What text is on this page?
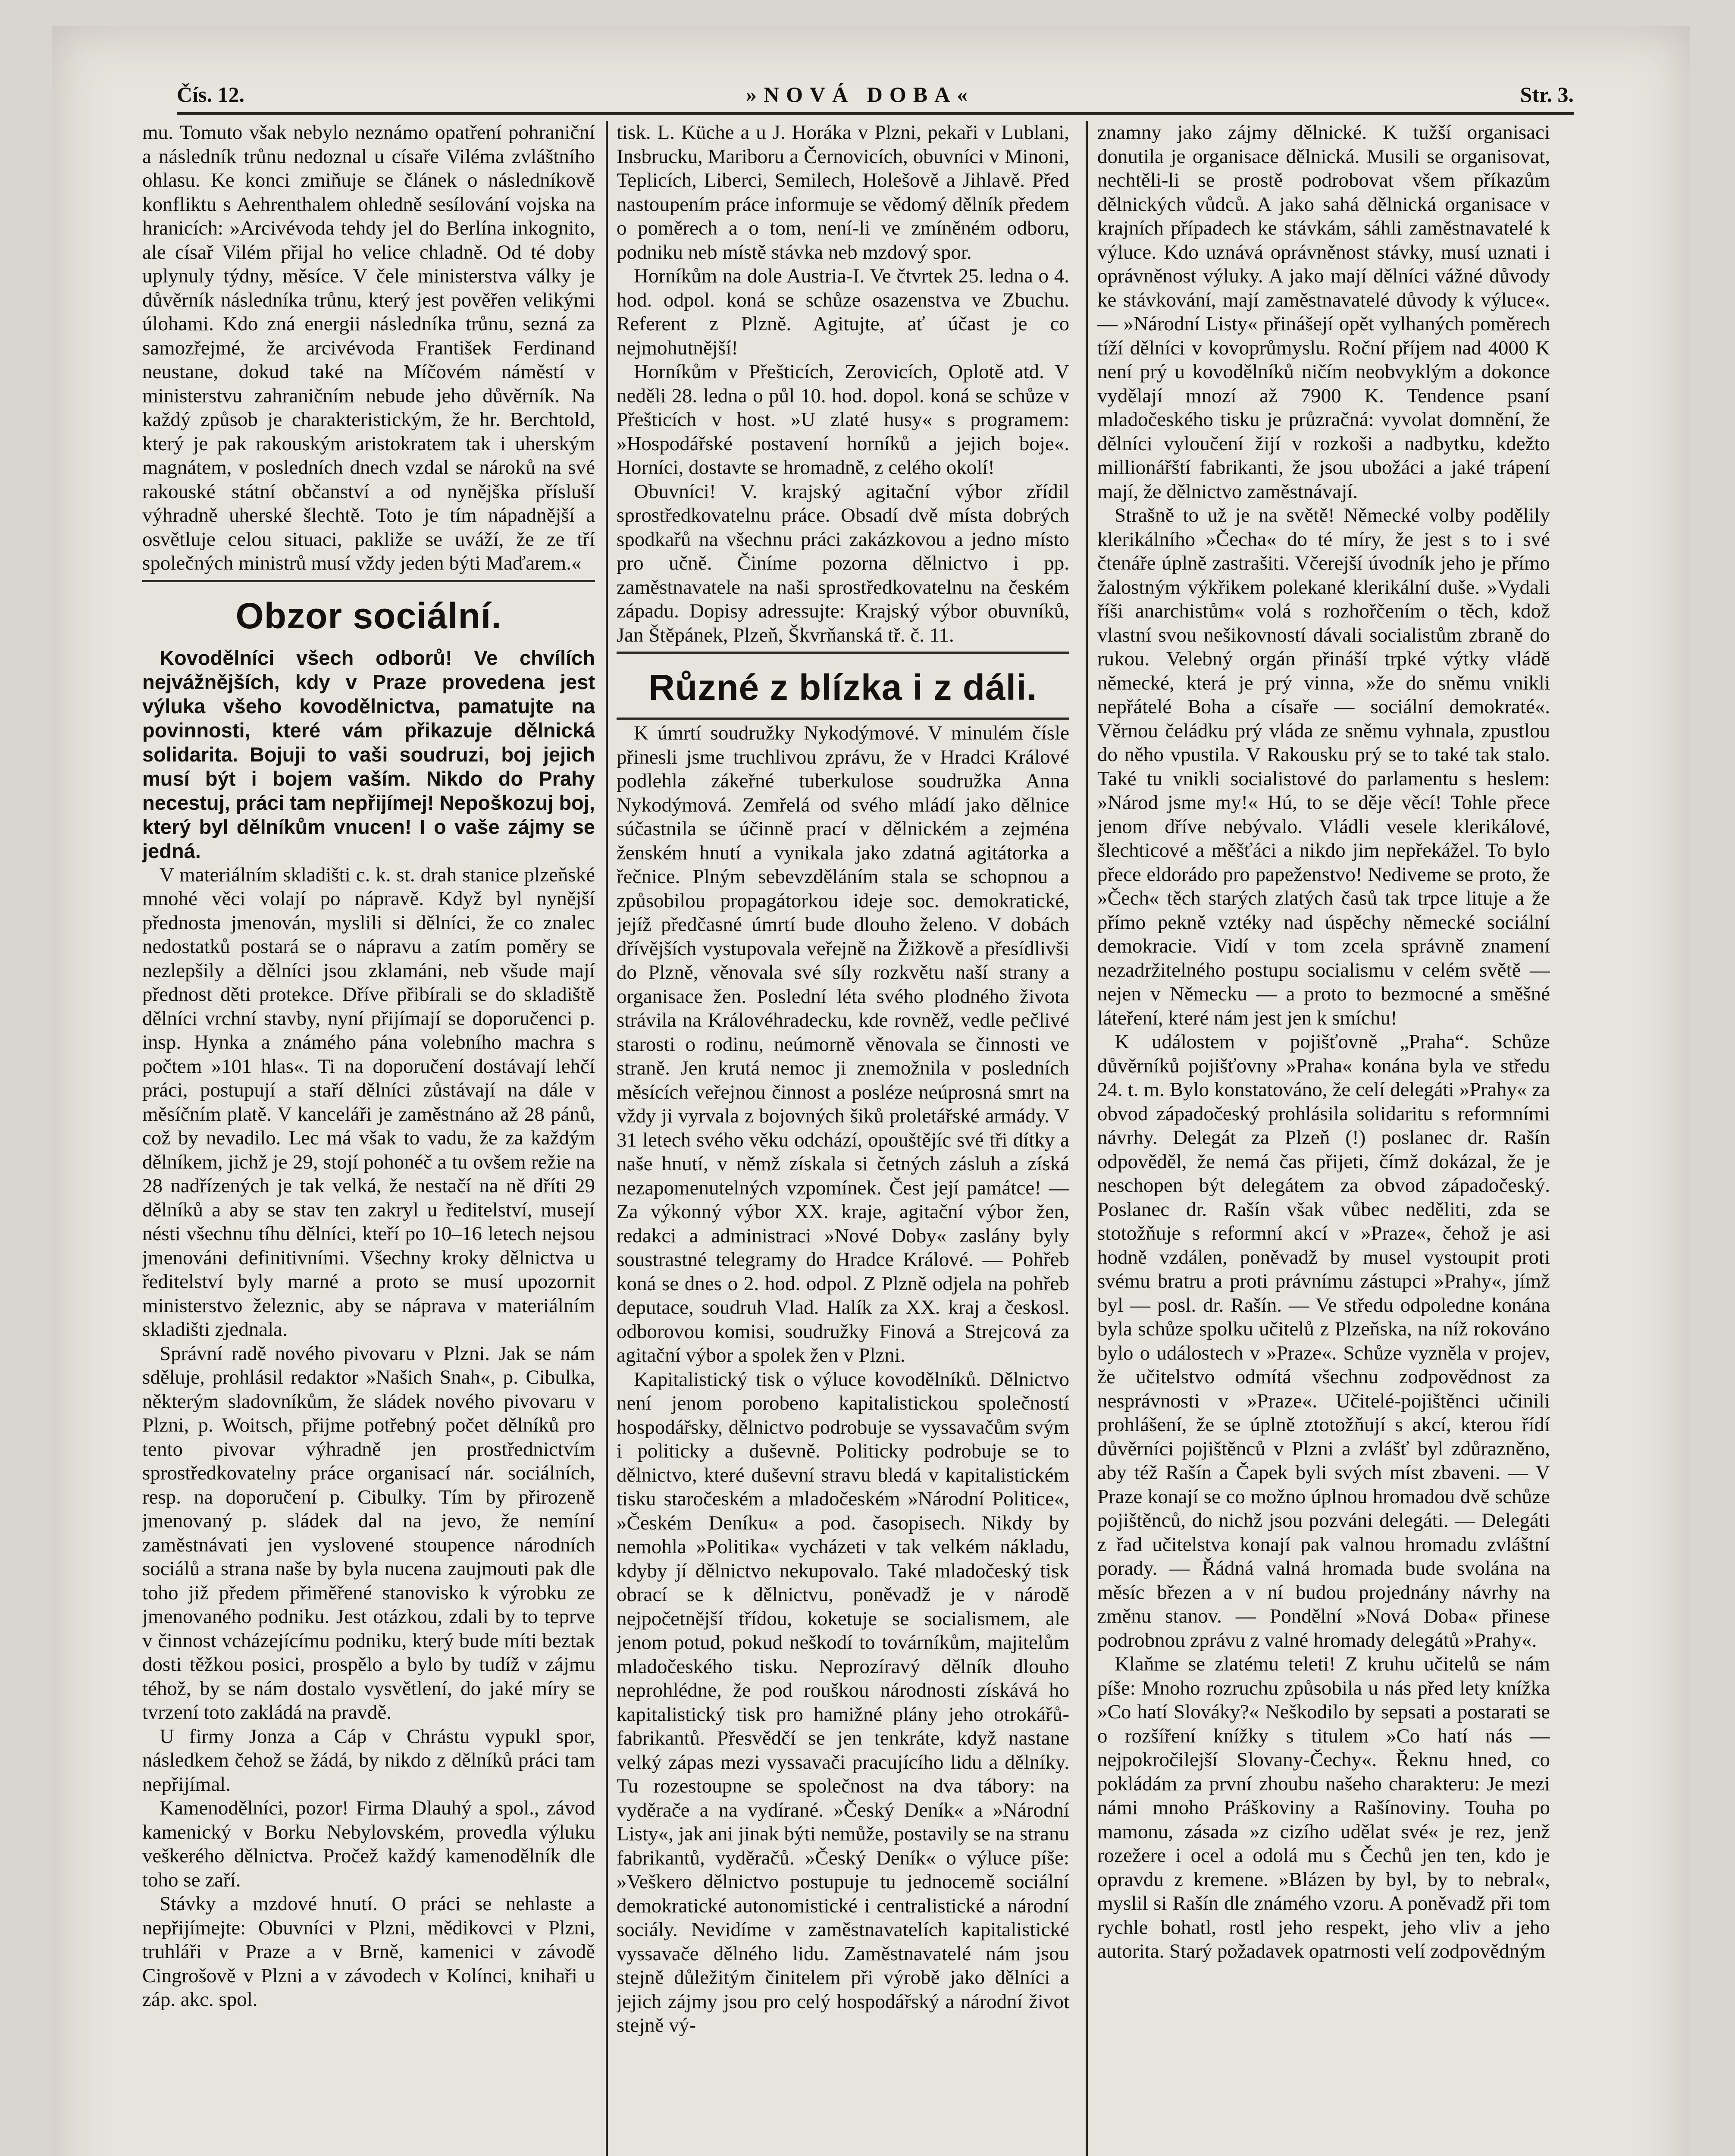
Čís. 12.	»NOVÁ DOBA«	Str. 3.

mu. Tomuto však nebylo neznámo opatření pohraniční a následník trůnu nedoznal u císaře Viléma zvláštního ohlasu. Ke konci zmiňuje se článek o následníkově konfliktu s Aehrenthalem ohledně sesílování vojska na hranicích: »Arcivévoda tehdy jel do Berlína inkognito, ale císař Vilém přijal ho velice chladně. Od té doby uplynuly týdny, měsíce. V čele ministerstva války je důvěrník následníka trůnu, který jest pověřen velikými úlohami. Kdo zná energii následníka trůnu, sezná za samozřejmé, že arcivévoda František Ferdinand neustane, dokud také na Míčovém náměstí v ministerstvu zahraničním nebude jeho důvěrník. Na každý způsob je charakteristickým, že hr. Berchtold, který je pak rakouským aristokratem tak i uherským magnátem, v posledních dnech vzdal se nároků na své rakouské státní občanství a od nynějška přísluší výhradně uherské šlechtě. Toto je tím nápadnější a osvětluje celou situaci, pakliže se uváží, že ze tří společných ministrů musí vždy jeden býti Maďarem.«

Obzor sociální.

Kovodělníci všech odborů! Ve chvílích nejvážnějších, kdy v Praze provedena jest výluka všeho kovodělnictva, pamatujte na povinnosti, které vám přikazuje dělnická solidarita. Bojuji to vaši soudruzi, boj jejich musí být i bojem vaším. Nikdo do Prahy necestuj, práci tam nepřijímej! Nepoškozuj boj, který byl dělníkům vnucen! I o vaše zájmy se jedná.

V materiálním skladišti c. k. st. drah stanice plzeňské mnohé věci volají po nápravě. Když byl nynější přednosta jmenován, myslili si dělníci, že co znalec nedostatků postará se o nápravu a zatím poměry se nezlepšily a dělníci jsou zklamáni, neb všude mají přednost děti protekce. Dříve přibírali se do skladiště dělníci vrchní stavby, nyní přijímají se doporučenci p. insp. Hynka a známého pána volebního machra s počtem »101 hlas«. Ti na doporučení dostávají lehčí práci, postupují a staří dělníci zůstávají na dále v měsíčním platě. V kanceláři je zaměstnáno až 28 pánů, což by nevadilo. Lec má však to vadu, že za každým dělníkem, jichž je 29, stojí pohonéč a tu ovšem režie na 28 nadřízených je tak velká, že nestačí na ně dříti 29 dělníků a aby se stav ten zakryl u ředitelství, musejí nésti všechnu tíhu dělníci, kteří po 10–16 letech nejsou jmenováni definitivními. Všechny kroky dělnictva u ředitelství byly marné a proto se musí upozornit ministerstvo železnic, aby se náprava v materiálním skladišti zjednala.

Správní radě nového pivovaru v Plzni. Jak se nám sděluje, prohlásil redaktor »Našich Snah«, p. Cibulka, některým sladovníkům, že sládek nového pivovaru v Plzni, p. Woitsch, přijme potřebný počet dělníků pro tento pivovar výhradně jen prostřednictvím sprostředkovatelny práce organisací nár. sociálních, resp. na doporučení p. Cibulky. Tím by přirozeně jmenovaný p. sládek dal na jevo, že nemíní zaměstnávati jen vyslovené stoupence národních sociálů a strana naše by byla nucena zaujmouti pak dle toho již předem přiměřené stanovisko k výrobku ze jmenovaného podniku. Jest otázkou, zdali by to teprve v činnost vcházejícímu podniku, který bude míti beztak dosti těžkou posici, prospělo a bylo by tudíž v zájmu téhož, by se nám dostalo vysvětlení, do jaké míry se tvrzení toto zakládá na pravdě.

U firmy Jonza a Cáp v Chrástu vypukl spor, následkem čehož se žádá, by nikdo z dělníků práci tam nepřijímal.

Kamenodělníci, pozor! Firma Dlauhý a spol., závod kamenický v Borku Nebylovském, provedla výluku veškerého dělnictva. Pročež každý kamenodělník dle toho se zaří.

Stávky a mzdové hnutí. O práci se nehlaste a nepřijímejte: Obuvníci v Plzni, mědikovci v Plzni, truhláři v Praze a v Brně, kamenici v závodě Cingrošově v Plzni a v závodech v Kolínci, knihaři u záp. akc. spol.

tisk. L. Küche a u J. Horáka v Plzni, pekaři v Lublani, Insbrucku, Mariboru a Černovicích, obuvníci v Minoni, Teplicích, Liberci, Semilech, Holešově a Jihlavě. Před nastoupením práce informuje se vědomý dělník předem o poměrech a o tom, není-li ve zmíněném odboru, podniku neb místě stávka neb mzdový spor.

Horníkům na dole Austria-I. Ve čtvrtek 25. ledna o 4. hod. odpol. koná se schůze osazenstva ve Zbuchu. Referent z Plzně. Agitujte, ať účast je co nejmohutnější!

Horníkům v Přešticích, Zerovicích, Oplotě atd. V neděli 28. ledna o půl 10. hod. dopol. koná se schůze v Přešticích v host. »U zlaté husy« s programem: »Hospodářské postavení horníků a jejich boje«. Horníci, dostavte se hromadně, z celého okolí!

Obuvníci! V. krajský agitační výbor zřídil sprostředkovatelnu práce. Obsadí dvě místa dobrých spodkařů na všechnu práci zakázkovou a jedno místo pro učně. Činíme pozorna dělnictvo i pp. zaměstnavatele na naši sprostředkovatelnu na českém západu. Dopisy adressujte: Krajský výbor obuvníků, Jan Štěpánek, Plzeň, Škvrňanská tř. č. 11.

Různé z blízka i z dáli.

K úmrtí soudružky Nykodýmové. V minulém čísle přinesli jsme truchlivou zprávu, že v Hradci Králové podlehla zákeřné tuberkulose soudružka Anna Nykodýmová. Zemřelá od svého mládí jako dělnice súčastnila se účinně prací v dělnickém a zejména ženském hnutí a vynikala jako zdatná agitátorka a řečnice. Plným sebevzděláním stala se schopnou a způsobilou propagátorkou ideje soc. demokratické, jejíž předčasné úmrtí bude dlouho želeno. V dobách dřívějších vystupovala veřejně na Žižkově a přesídlivši do Plzně, věnovala své síly rozkvětu naší strany a organisace žen. Poslední léta svého plodného života strávila na Královéhradecku, kde rovněž, vedle pečlivé starosti o rodinu, neúmorně věnovala se činnosti ve straně. Jen krutá nemoc ji znemožnila v posledních měsících veřejnou činnost a posléze neúprosná smrt na vždy ji vyrvala z bojovných šiků proletářské armády. V 31 letech svého věku odchází, opouštějíc své tři dítky a naše hnutí, v němž získala si četných zásluh a získá nezapomenutelných vzpomínek. Čest její památce! — Za výkonný výbor XX. kraje, agitační výbor žen, redakci a administraci »Nové Doby« zaslány byly soustrastné telegramy do Hradce Králové. — Pohřeb koná se dnes o 2. hod. odpol. Z Plzně odjela na pohřeb deputace, soudruh Vlad. Halík za XX. kraj a českosl. odborovou komisi, soudružky Finová a Strejcová za agitační výbor a spolek žen v Plzni.

Kapitalistický tisk o výluce kovodělníků. Dělnictvo není jenom porobeno kapitalistickou společností hospodářsky, dělnictvo podrobuje se vyssavačům svým i politicky a duševně. Politicky podrobuje se to dělnictvo, které duševní stravu bledá v kapitalistickém tisku staročeském a mladočeském »Národní Politice«, »Českém Deníku« a pod. časopisech. Nikdy by nemohla »Politika« vycházeti v tak velkém nákladu, kdyby jí dělnictvo nekupovalo. Také mladočeský tisk obrací se k dělnictvu, poněvadž je v národě nejpočetnější třídou, koketuje se socialismem, ale jenom potud, pokud neškodí to továrníkům, majitelům mladočeského tisku. Neprozíravý dělník dlouho neprohlédne, že pod rouškou národnosti získává ho kapitalistický tisk pro hamižné plány jeho otrokářů-fabrikantů. Přesvědčí se jen tenkráte, když nastane velký zápas mezi vyssavači pracujícího lidu a dělníky. Tu rozestoupne se společnost na dva tábory: na vyděrače a na vydírané. »Český Deník« a »Národní Listy«, jak ani jinak býti nemůže, postavily se na stranu fabrikantů, vyděračů. »Český Deník« o výluce píše: »Veškero dělnictvo postupuje tu jednocemě sociální demokratické autonomistické i centralistické a národní sociály. Nevidíme v zaměstnavatelích kapitalistické vyssavače dělného lidu. Zaměstnavatelé nám jsou stejně důležitým činitelem při výrobě jako dělníci a jejich zájmy jsou pro celý hospodářský a národní život stejně vý-

znamny jako zájmy dělnické. K tužší organisaci donutila je organisace dělnická. Musili se organisovat, nechtěli-li se prostě podrobovat všem příkazům dělnických vůdců. A jako sahá dělnická organisace v krajních případech ke stávkám, sáhli zaměstnavatelé k výluce. Kdo uznává oprávněnost stávky, musí uznati i oprávněnost výluky. A jako mají dělníci vážné důvody ke stávkování, mají zaměstnavatelé důvody k výluce«. — »Národní Listy« přinášejí opět vylhaných poměrech tíží dělníci v kovoprůmyslu. Roční příjem nad 4000 K není prý u kovodělníků ničím neobvyklým a dokonce vydělají mnozí až 7900 K. Tendence psaní mladočeského tisku je průzračná: vyvolat domnění, že dělníci vyloučení žijí v rozkoši a nadbytku, kdežto millionářští fabrikanti, že jsou ubožáci a jaké trápení mají, že dělnictvo zaměstnávají.

Strašně to už je na světě! Německé volby podělily klerikálního »Čecha« do té míry, že jest s to i své čtenáře úplně zastrašiti. Včerejší úvodník jeho je přímo žalostným výkřikem polekané klerikální duše. »Vydali říši anarchistům« volá s rozhořčením o těch, kdož vlastní svou nešikovností dávali socialistům zbraně do rukou. Velebný orgán přináší trpké výtky vládě německé, která je prý vinna, »že do sněmu vnikli nepřátelé Boha a císaře — sociální demokraté«. Věrnou čeládku prý vláda ze sněmu vyhnala, zpustlou do něho vpustila. V Rakousku prý se to také tak stalo. Také tu vnikli socialistové do parlamentu s heslem: »Národ jsme my!« Hú, to se děje věcí! Tohle přece jenom dříve nebývalo. Vládli vesele klerikálové, šlechticové a měšťáci a nikdo jim nepřekážel. To bylo přece eldorádo pro papeženstvo! Nediveme se proto, že »Čech« těch starých zlatých časů tak trpce lituje a že přímo pekně vztéky nad úspěchy německé sociální demokracie. Vidí v tom zcela správně znamení nezadržitelného postupu socialismu v celém světě — nejen v Německu — a proto to bezmocné a směšné láteření, které nám jest jen k smíchu!

K událostem v pojišťovně „Praha“. Schůze důvěrníků pojišťovny »Praha« konána byla ve středu 24. t. m. Bylo konstatováno, že celí delegáti »Prahy« za obvod západočeský prohlásila solidaritu s reformními návrhy. Delegát za Plzeň (!) poslanec dr. Rašín odpověděl, že nemá čas přijeti, čímž dokázal, že je neschopen být delegátem za obvod západočeský. Poslanec dr. Rašín však vůbec neděliti, zda se stotožňuje s reformní akcí v »Praze«, čehož je asi hodně vzdálen, poněvadž by musel vystoupit proti svému bratru a proti právnímu zástupci »Prahy«, jímž byl — posl. dr. Rašín. — Ve středu odpoledne konána byla schůze spolku učitelů z Plzeňska, na níž rokováno bylo o událostech v »Praze«. Schůze vyzněla v projev, že učitelstvo odmítá všechnu zodpovědnost za nesprávnosti v »Praze«. Učitelé-pojištěnci učinili prohlášení, že se úplně ztotožňují s akcí, kterou řídí důvěrníci pojištěnců v Plzni a zvlášť byl zdůrazněno, aby též Rašín a Čapek byli svých míst zbaveni. — V Praze konají se co možno úplnou hromadou dvě schůze pojištěnců, do nichž jsou pozváni delegáti. — Delegáti z řad učitelstva konají pak valnou hromadu zvláštní porady. — Řádná valná hromada bude svolána na měsíc březen a v ní budou projednány návrhy na změnu stanov. — Pondělní »Nová Doba« přinese podrobnou zprávu z valné hromady delegátů »Prahy«.

Klaňme se zlatému teleti! Z kruhu učitelů se nám píše: Mnoho rozruchu způsobila u nás před lety knížka »Co hatí Slováky?« Neškodilo by sepsati a postarati se o rozšíření knížky s titulem »Co hatí nás — nejpokročilejší Slovany-Čechy«. Řeknu hned, co pokládám za první zhoubu našeho charakteru: Je mezi námi mnoho Práškoviny a Rašínoviny. Touha po mamonu, zásada »z cizího udělat své« je rez, jenž rozežere i ocel a odolá mu s Čechů jen ten, kdo je opravdu z kremene. »Blázen by byl, by to nebral«, myslil si Rašín dle známého vzoru. A poněvadž při tom rychle bohatl, rostl jeho respekt, jeho vliv a jeho autorita. Starý požadavek opatrnosti velí zodpovědným
